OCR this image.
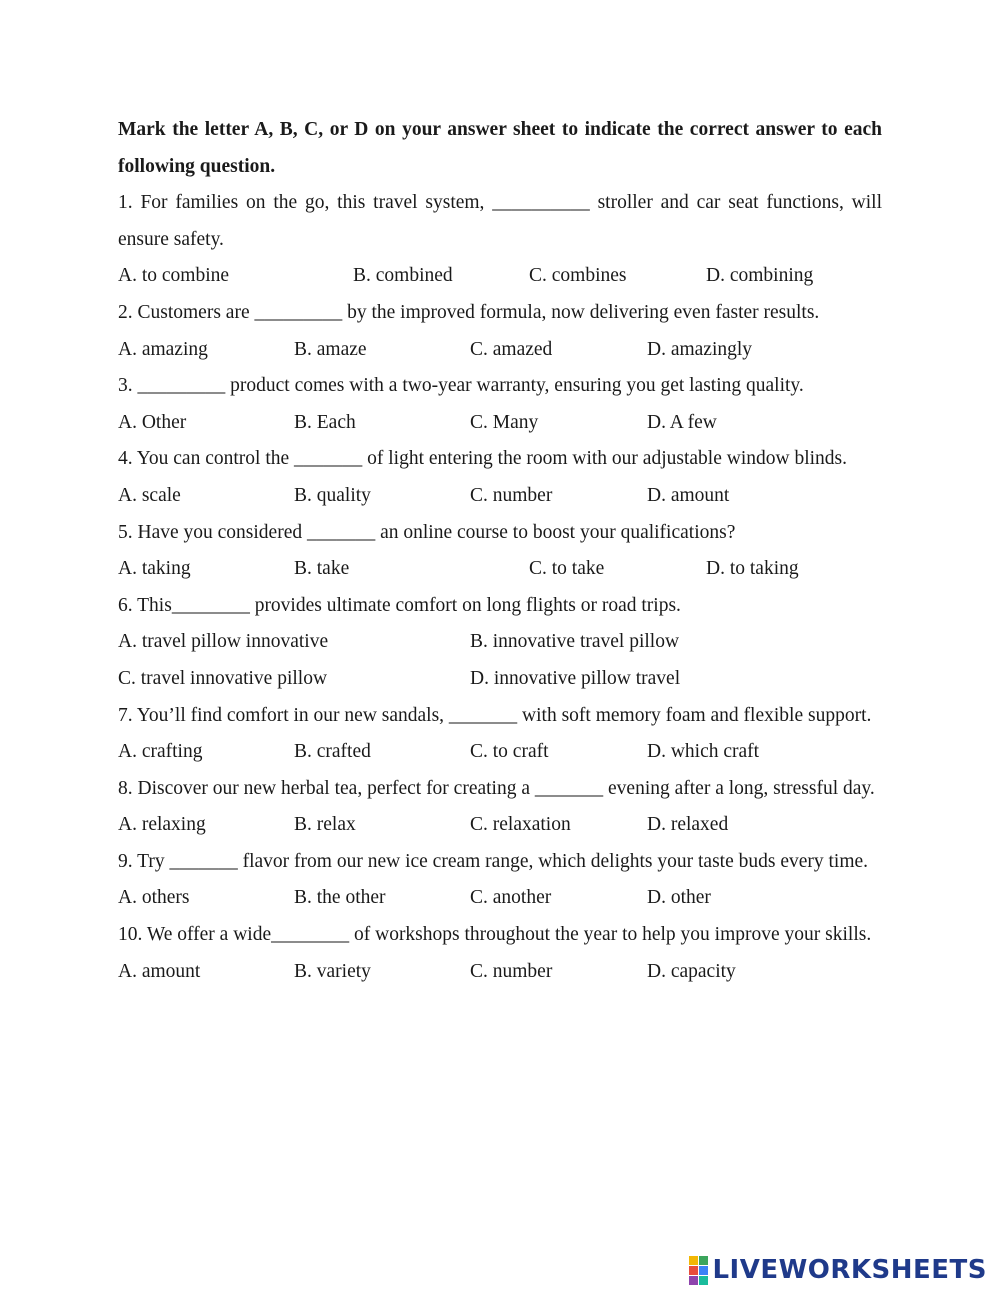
Mark the letter A, B, C, or D on your answer sheet to indicate the correct answer to each following question.
1. For families on the go, this travel system, __________ stroller and car seat functions, will ensure safety.
A. to combine	B. combined	C. combines	D. combining
2. Customers are _________ by the improved formula, now delivering even faster results.
A. amazing	B. amaze	C. amazed	D. amazingly
3. _________ product comes with a two-year warranty, ensuring you get lasting quality.
A. Other	B. Each	C. Many	D. A few
4. You can control the _______ of light entering the room with our adjustable window blinds.
A. scale	B. quality	C. number	D. amount
5. Have you considered _______ an online course to boost your qualifications?
A. taking	B. take	C. to take	D. to taking
6. This________ provides ultimate comfort on long flights or road trips.
A. travel pillow innovative	B. innovative travel pillow
C. travel innovative pillow	D. innovative pillow travel
7. You’ll find comfort in our new sandals, _______ with soft memory foam and flexible support.
A. crafting	B. crafted	C. to craft	D. which craft
8. Discover our new herbal tea, perfect for creating a _______ evening after a long, stressful day.
A. relaxing	B. relax	C. relaxation	D. relaxed
9. Try _______ flavor from our new ice cream range, which delights your taste buds every time.
A. others	B. the other	C. another	D. other
10. We offer a wide________ of workshops throughout the year to help you improve your skills.
A. amount	B. variety	C. number	D. capacity
LIVEWORKSHEETS
